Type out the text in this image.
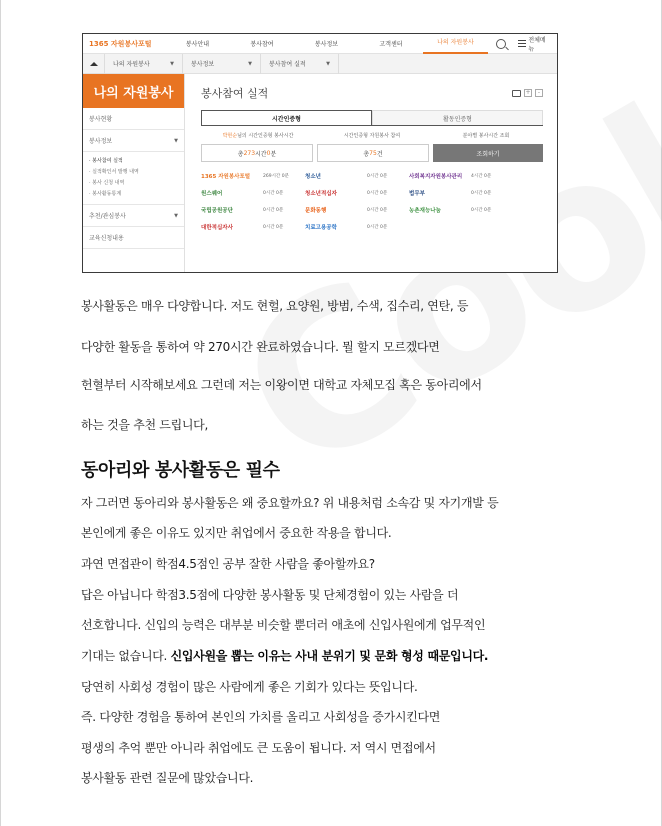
1365 자원봉사포털	봉사안내	봉사참여	봉사정보	고객센터	나의 자원봉사	전체메뉴
나의 자원봉사	▼	봉사정보	▼	봉사참여 실적	▼
나의 자원봉사
봉사현황
봉사정보	▼
· 봉사참여 실적
· 실적확인서 발행 내역
· 봉사 신청 내역
· 봉사활동통계
추천/관심봉사	▼
교육신청내용
봉사참여 실적	+	-
시간인증형	활동인증형
박현순님의 시간인증형 봉사시간	시간인증형 자원봉사 참여	분야별 봉사시간 조회
총 273 시간 0 분	총 75 건	조회하기
1365 자원봉사포털	269시간 0분	청소년	0시간 0분	사회복지자원봉사관리	4시간 0분
원스퀘어	0시간 0분	청소년적십자	0시간 0분	법무부	0시간 0분
국립공원공단	0시간 0분	문화동행	0시간 0분	농촌재능나눔	0시간 0분
대한적십자사	0시간 0분	치료고용공학	0시간 0분
봉사활동은 매우 다양합니다. 저도 현헐, 요양원, 방범, 수색, 집수리, 연탄, 등
다양한 활동을 통하여 약 270시간 완료하였습니다. 뭘 할지 모르겠다면
헌혈부터 시작해보세요 그런데 저는 이왕이면 대학교 자체모집 혹은 동아리에서
하는 것을 추천 드립니다,
동아리와 봉사활동은 필수
자 그러면 동아리와 봉사활동은 왜 중요할까요? 위 내용처럼 소속감 및 자기개발 등
본인에게 좋은 이유도 있지만 취업에서 중요한 작용을 합니다.
과연 면접관이 학점4.5점인 공부 잘한 사람을 좋아할까요?
답은 아닙니다 학점3.5점에 다양한 봉사활동 및 단체경험이 있는 사람을 더
선호합니다. 신입의 능력은 대부분 비슷할 뿐더러 애초에 신입사원에게 업무적인
기대는 없습니다. 신입사원을 뽑는 이유는 사내 분위기 및 문화 형성 때문입니다.
당연히 사회성 경험이 많은 사람에게 좋은 기회가 있다는 뜻입니다.
즉. 다양한 경험을 통하여 본인의 가치를 올리고 사회성을 증가시킨다면
평생의 추억 뿐만 아니라 취업에도 큰 도움이 됩니다. 저 역시 면접에서
봉사활동 관련 질문에 많았습니다.
